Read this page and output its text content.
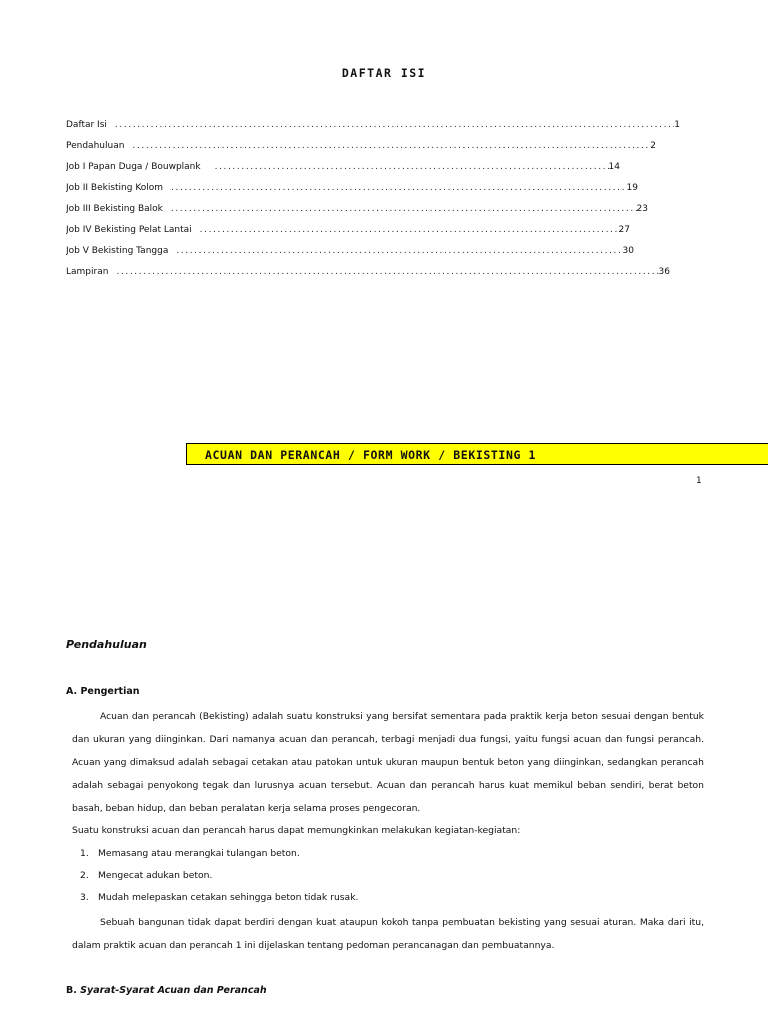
DAFTAR ISI
Daftar Isi .....	1
Pendahuluan .....	2
Job I Papan Duga / Bouwplank .....	14
Job II Bekisting Kolom .....	19
Job III Bekisting Balok .....	23
Job IV Bekisting Pelat Lantai .....	27
Job V Bekisting Tangga .....	30
Lampiran .....	36
ACUAN DAN PERANCAH / FORM WORK / BEKISTING 1
1
Pendahuluan
A. Pengertian
Acuan dan perancah (Bekisting) adalah suatu konstruksi yang bersifat sementara pada praktik kerja beton sesuai dengan bentuk dan ukuran yang diinginkan. Dari namanya acuan dan perancah, terbagi menjadi dua fungsi, yaitu fungsi acuan dan fungsi perancah. Acuan yang dimaksud adalah sebagai cetakan atau patokan untuk ukuran maupun bentuk beton yang diinginkan, sedangkan perancah adalah sebagai penyokong tegak dan lurusnya acuan tersebut. Acuan dan perancah harus kuat memikul beban sendiri, berat beton basah, beban hidup, dan beban peralatan kerja selama proses pengecoran.
Suatu konstruksi acuan dan perancah harus dapat memungkinkan melakukan kegiatan-kegiatan:
1.	Memasang atau merangkai tulangan beton.
2.	Mengecat adukan beton.
3.	Mudah melepaskan cetakan sehingga beton tidak rusak.
Sebuah bangunan tidak dapat berdiri dengan kuat ataupun kokoh tanpa pembuatan bekisting yang sesuai aturan. Maka dari itu, dalam praktik acuan dan perancah 1 ini dijelaskan tentang pedoman perancanagan dan pembuatannya.
B. Syarat-Syarat Acuan dan Perancah
